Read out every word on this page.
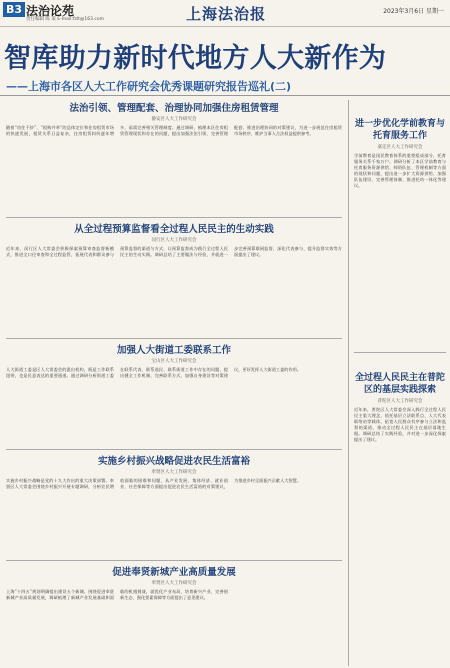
B3 法治论苑
责任编辑 陈 策 E-mail:fzlt@163.com	上海法治报	2023年3月6日 星期一
智库助力新时代地方人大新作为
——上海市各区人大工作研究会优秀课题研究报告巡礼(二)
法治引领、管理配套、治理协同加强住房租赁管理
静安区人大工作研究会
随着“房住不炒”、“租购并举”的总体定位和住房租赁市场的快速发展，租赁关系日益复杂，住房租赁纠纷逐年增多，亟需完善相关管理制度。通过调研，梳理本区住房租赁管理现状和存在的问题，提出加强法治引领、完善管理配套、推进治理协同的对策建议，为进一步规范住房租赁市场秩序、维护当事人合法权益提供参考。
从全过程预算监督看全过程人民民主的生动实践
闵行区人大工作研究会
近年来，闵行区人大常委会积极探索预算审查监督新模式，推进全口径审查和全过程监管，拓展代表和群众参与预算监督的渠道与方式，让预算监督成为践行全过程人民民主的生动实践。调研总结了主要做法与经验，并就进一步完善预算联网监督、深化代表参与、提升监督实效等方面提出了建议。
加强人大街道工委联系工作
宝山区人大工作研究会
人大街道工委是区人大常委会的派出机构，既是工作联系纽带，也是民意表达的重要通道。通过调研分析街道工委在联系代表、联系选民、联系街道工作中存在的问题，提出健全工作机制、完善联系方式、加强自身建设等对策建议，更好发挥人大街道工委的作用。
实施乡村振兴战略促进农民生活富裕
奉贤区人大工作研究会
实施乡村振兴战略是党的十九大作出的重大决策部署。奉贤区人大常委会围绕乡村振兴开展专题调研，分析农民增收面临的困难和问题，从产业发展、集体经济、就业创业、社会保障等方面提出促进农民生活富裕的对策建议，为推进乡村全面振兴贡献人大智慧。
促进奉贤新城产业高质量发展
奉贤区人大工作研究会
上海“十四五”规划明确提出建设五个新城。围绕促进奉贤新城产业高质量发展，调研梳理了新城产业发展基础和面临的机遇挑战，就优化产业布局、培育新兴产业、完善创新生态、强化要素保障等方面提出了意见建议。
进一步优化学前教育与托育服务工作
嘉定区人大工作研究会
学前教育是国民教育体系的重要组成部分，托育服务关系千家万户。调研分析了本区学前教育与托育服务资源供给、师资队伍、管理机制等方面的现状和问题，提出进一步扩大资源供给、加强队伍建设、完善管理体制、推进托幼一体化等建议。
全过程人民民主在普陀区的基层实践探索
普陀区人大工作研究会
近年来，普陀区人大常委会深入践行全过程人民民主重大理念，依托基层立法联系点、人大代表联络站等载体，拓宽人民群众有序参与立法和监督的渠道，推动全过程人民民主在基层落地生根。调研总结了实践经验，并对进一步深化探索提出了建议。
